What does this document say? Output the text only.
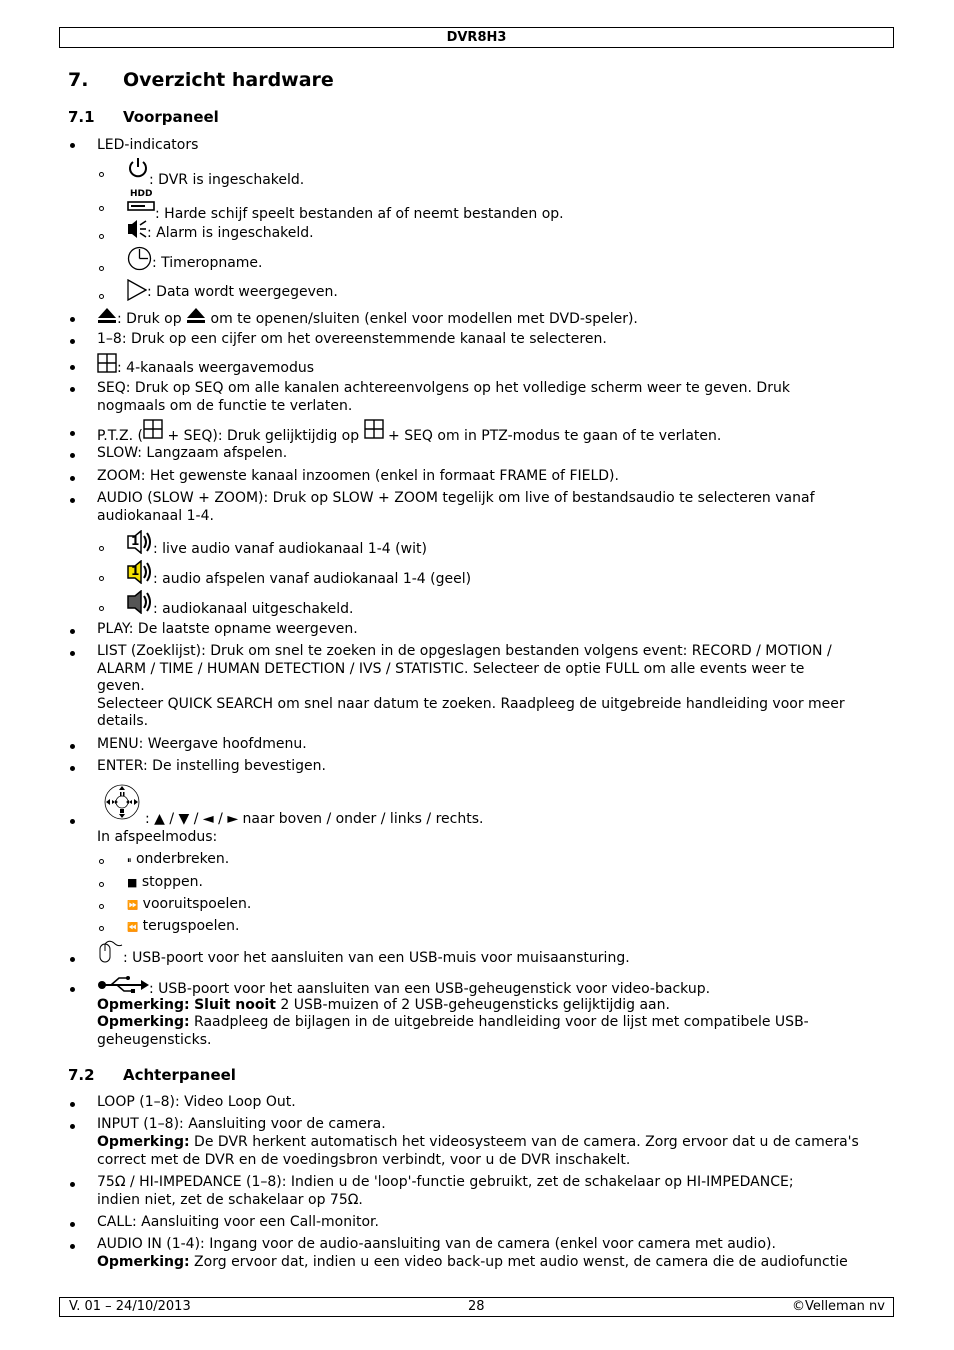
DVR8H3
7. Overzicht hardware
7.1 Voorpaneel
LED-indicators
: DVR is ingeschakeld.
HDD
: Harde schijf speelt bestanden af of neemt bestanden op.
: Alarm is ingeschakeld.
: Timeropname.
: Data wordt weergegeven.
: Druk op
om te openen/sluiten (enkel voor modellen met DVD-speler).
1–8: Druk op een cijfer om het overeenstemmende kanaal te selecteren.
: 4-kanaals weergavemodus
SEQ: Druk op SEQ om alle kanalen achtereenvolgens op het volledige scherm weer te geven. Druk
nogmaals om de functie te verlaten.
P.T.Z. (
+ SEQ): Druk gelijktijdig op
+ SEQ om in PTZ-modus te gaan of te verlaten.
SLOW: Langzaam afspelen.
ZOOM: Het gewenste kanaal inzoomen (enkel in formaat FRAME of FIELD).
AUDIO (SLOW + ZOOM): Druk op SLOW + ZOOM tegelijk om live of bestandsaudio te selecteren vanaf
audiokanaal 1-4.
1 : live audio vanaf audiokanaal 1-4 (wit)
1 : audio afspelen vanaf audiokanaal 1-4 (geel)
: audiokanaal uitgeschakeld.
PLAY: De laatste opname weergeven.
LIST (Zoeklijst): Druk om snel te zoeken in de opgeslagen bestanden volgens event: RECORD / MOTION /
ALARM / TIME / HUMAN DETECTION / IVS / STATISTIC. Selecteer de optie FULL om alle events weer te
geven.
Selecteer QUICK SEARCH om snel naar datum te zoeken. Raadpleeg de uitgebreide handleiding voor meer
details.
MENU: Weergave hoofdmenu.
ENTER: De instelling bevestigen.
: ▲ / ▼ / ◄ / ► naar boven / onder / links / rechts.
In afspeelmodus:
⏸ onderbreken.
■ stoppen.
⏩ vooruitspoelen.
⏪ terugspoelen.
: USB-poort voor het aansluiten van een USB-muis voor muisaansturing.
: USB-poort voor het aansluiten van een USB-geheugenstick voor video-backup.
Opmerking: Sluit nooit 2 USB-muizen of 2 USB-geheugensticks gelijktijdig aan.
Opmerking: Raadpleeg de bijlagen in de uitgebreide handleiding voor de lijst met compatibele USB-
geheugensticks.
7.2 Achterpaneel
LOOP (1–8): Video Loop Out.
INPUT (1–8): Aansluiting voor de camera.
Opmerking: De DVR herkent automatisch het videosysteem van de camera. Zorg ervoor dat u de camera's
correct met de DVR en de voedingsbron verbindt, voor u de DVR inschakelt.
75Ω / HI-IMPEDANCE (1–8): Indien u de 'loop'-functie gebruikt, zet de schakelaar op HI-IMPEDANCE;
indien niet, zet de schakelaar op 75Ω.
CALL: Aansluiting voor een Call-monitor.
AUDIO IN (1-4): Ingang voor de audio-aansluiting van de camera (enkel voor camera met audio).
Opmerking: Zorg ervoor dat, indien u een video back-up met audio wenst, de camera die de audiofunctie
V. 01 – 24/10/2013	28	©Velleman nv
